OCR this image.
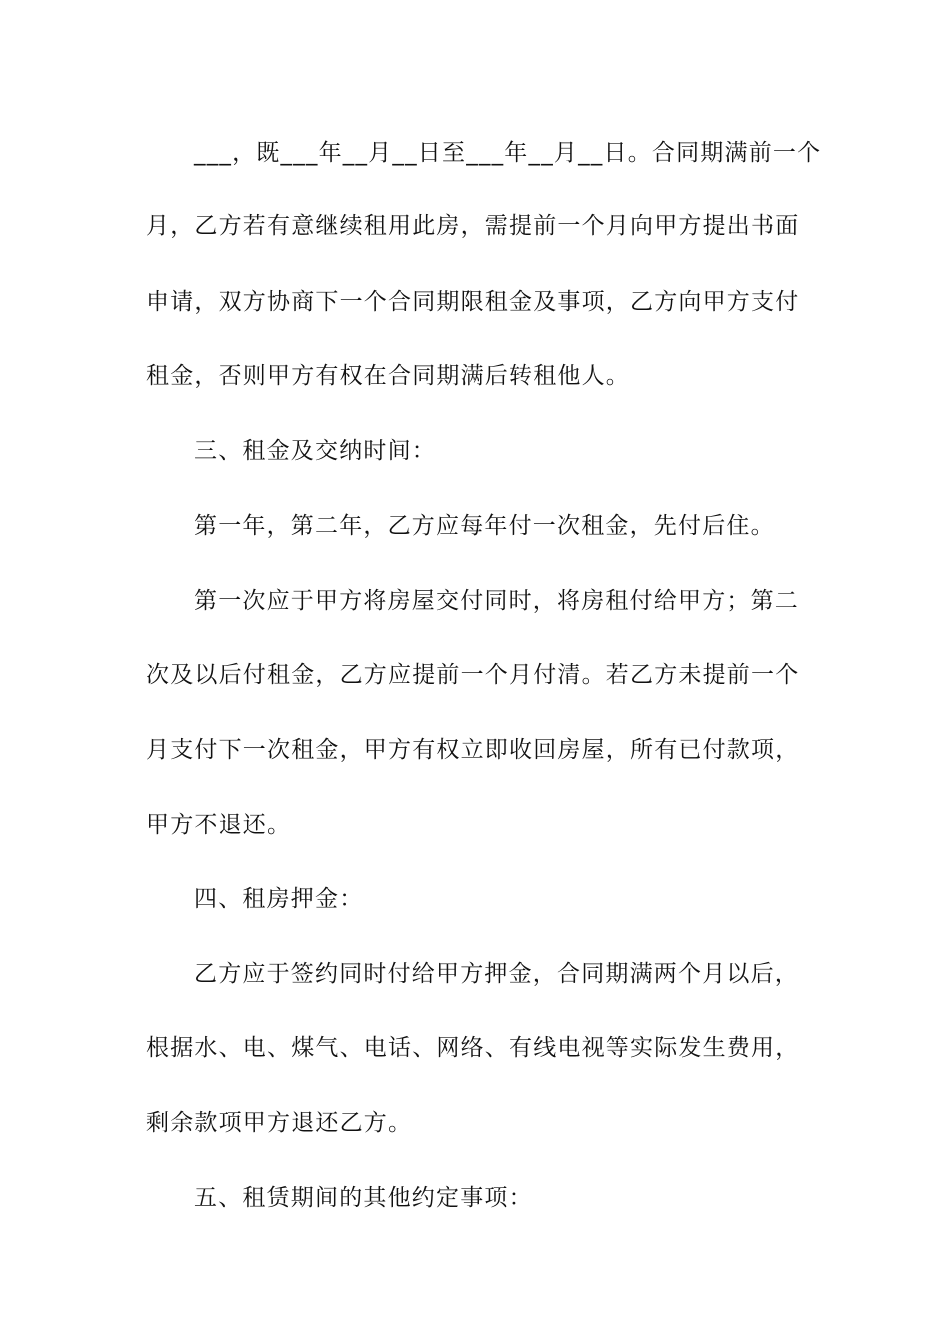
___，既___年__月__日至___年__月__日。合同期满前一个
月，乙方若有意继续租用此房，需提前一个月向甲方提出书面
申请，双方协商下一个合同期限租金及事项，乙方向甲方支付
租金，否则甲方有权在合同期满后转租他人。
三、租金及交纳时间：
第一年，第二年，乙方应每年付一次租金，先付后住。
第一次应于甲方将房屋交付同时，将房租付给甲方；第二
次及以后付租金，乙方应提前一个月付清。若乙方未提前一个
月支付下一次租金，甲方有权立即收回房屋，所有已付款项，
甲方不退还。
四、租房押金：
乙方应于签约同时付给甲方押金，合同期满两个月以后，
根据水、电、煤气、电话、网络、有线电视等实际发生费用，
剩余款项甲方退还乙方。
五、租赁期间的其他约定事项：
